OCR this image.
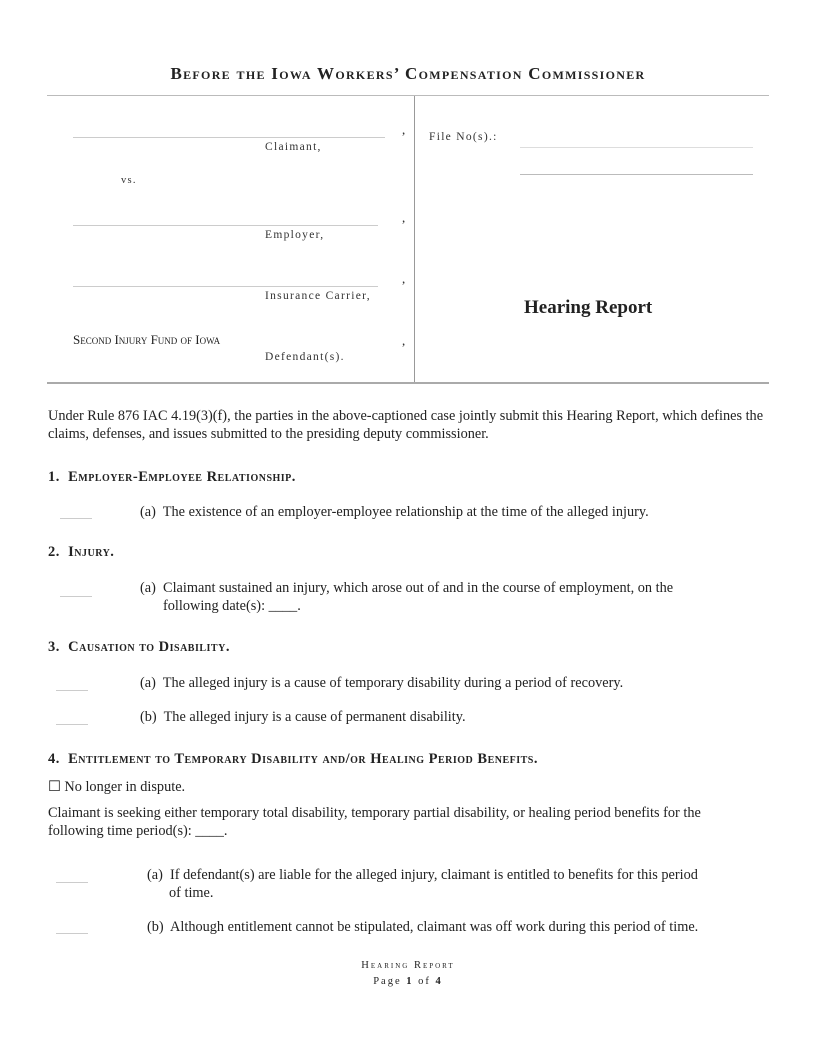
Before the Iowa Workers’ Compensation Commissioner
,
Claimant,
vs.
,
Employer,
,
Insurance Carrier,
Second Injury Fund of Iowa	,
Defendant(s).
File No(s).:
Hearing Report
Under Rule 876 IAC 4.19(3)(f), the parties in the above-captioned case jointly submit this Hearing Report, which defines the claims, defenses, and issues submitted to the presiding deputy commissioner.
1. Employer-Employee Relationship.
(a) The existence of an employer-employee relationship at the time of the alleged injury.
2. Injury.
(a) Claimant sustained an injury, which arose out of and in the course of employment, on the
following date(s): ____.
3. Causation to Disability.
(a) The alleged injury is a cause of temporary disability during a period of recovery.
(b) The alleged injury is a cause of permanent disability.
4. Entitlement to Temporary Disability and/or Healing Period Benefits.
☐ No longer in dispute.
Claimant is seeking either temporary total disability, temporary partial disability, or healing period benefits for the
following time period(s): ____.
(a) If defendant(s) are liable for the alleged injury, claimant is entitled to benefits for this period
of time.
(b) Although entitlement cannot be stipulated, claimant was off work during this period of time.
Hearing Report
Page 1 of 4
